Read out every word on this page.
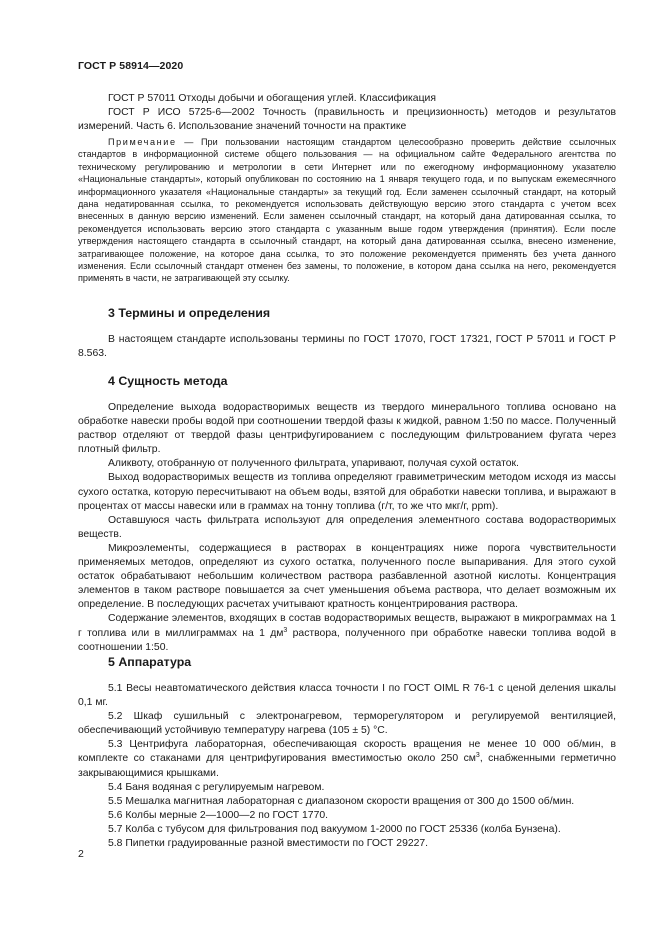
ГОСТ Р 58914—2020

ГОСТ Р 57011 Отходы добычи и обогащения углей. Классификация

ГОСТ Р ИСО 5725-6—2002 Точность (правильность и прецизионность) методов и результатов измерений. Часть 6. Использование значений точности на практике

Примечание — При пользовании настоящим стандартом целесообразно проверить действие ссылочных стандартов в информационной системе общего пользования — на официальном сайте Федерального агентства по техническому регулированию и метрологии в сети Интернет или по ежегодному информационному указателю «Национальные стандарты», который опубликован по состоянию на 1 января текущего года, и по выпускам ежемесячного информационного указателя «Национальные стандарты» за текущий год. Если заменен ссылочный стандарт, на который дана недатированная ссылка, то рекомендуется использовать действующую версию этого стандарта с учетом всех внесенных в данную версию изменений. Если заменен ссылочный стандарт, на который дана датированная ссылка, то рекомендуется использовать версию этого стандарта с указанным выше годом утверждения (принятия). Если после утверждения настоящего стандарта в ссылочный стандарт, на который дана датированная ссылка, внесено изменение, затрагивающее положение, на которое дана ссылка, то это положение рекомендуется применять без учета данного изменения. Если ссылочный стандарт отменен без замены, то положение, в котором дана ссылка на него, рекомендуется применять в части, не затрагивающей эту ссылку.

3 Термины и определения

В настоящем стандарте использованы термины по ГОСТ 17070, ГОСТ 17321, ГОСТ Р 57011 и ГОСТ Р 8.563.

4 Сущность метода

Определение выхода водорастворимых веществ из твердого минерального топлива основано на обработке навески пробы водой при соотношении твердой фазы к жидкой, равном 1:50 по массе. Полученный раствор отделяют от твердой фазы центрифугированием с последующим фильтрованием фугата через плотный фильтр.

Аликвоту, отобранную от полученного фильтрата, упаривают, получая сухой остаток.

Выход водорастворимых веществ из топлива определяют гравиметрическим методом исходя из массы сухого остатка, которую пересчитывают на объем воды, взятой для обработки навески топлива, и выражают в процентах от массы навески или в граммах на тонну топлива (г/т, то же что мкг/г, ppm).

Оставшуюся часть фильтрата используют для определения элементного состава водорастворимых веществ.

Микроэлементы, содержащиеся в растворах в концентрациях ниже порога чувствительности применяемых методов, определяют из сухого остатка, полученного после выпаривания. Для этого сухой остаток обрабатывают небольшим количеством раствора разбавленной азотной кислоты. Концентрация элементов в таком растворе повышается за счет уменьшения объема раствора, что делает возможным их определение. В последующих расчетах учитывают кратность концентрирования раствора.

Содержание элементов, входящих в состав водорастворимых веществ, выражают в микрограммах на 1 г топлива или в миллиграммах на 1 $дм^3$ раствора, полученного при обработке навески топлива водой в соотношении 1:50.

5 Аппаратура

5.1 Весы неавтоматического действия класса точности I по ГОСТ OIML R 76-1 с ценой деления шкалы 0,1 мг.

5.2 Шкаф сушильный с электронагревом, терморегулятором и регулируемой вентиляцией, обеспечивающий устойчивую температуру нагрева (105 ± 5) °С.

5.3 Центрифуга лабораторная, обеспечивающая скорость вращения не менее 10 000 об/мин, в комплекте со стаканами для центрифугирования вместимостью около 250 $см^3$, снабженными герметично закрывающимися крышками.

5.4 Баня водяная с регулируемым нагревом.

5.5 Мешалка магнитная лабораторная с диапазоном скорости вращения от 300 до 1500 об/мин.

5.6 Колбы мерные 2—1000—2 по ГОСТ 1770.

5.7 Колба с тубусом для фильтрования под вакуумом 1-2000 по ГОСТ 25336 (колба Бунзена).

5.8 Пипетки градуированные разной вместимости по ГОСТ 29227.

2
